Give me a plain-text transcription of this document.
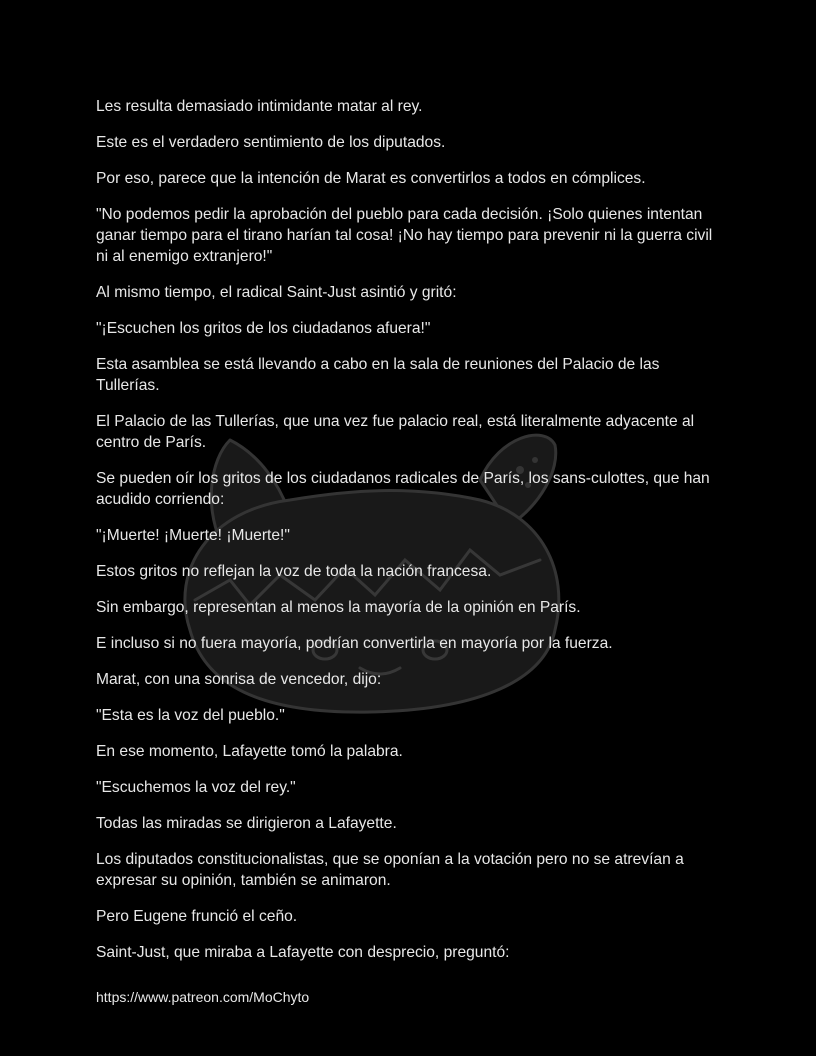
Les resulta demasiado intimidante matar al rey.

Este es el verdadero sentimiento de los diputados.

Por eso, parece que la intención de Marat es convertirlos a todos en cómplices.

"No podemos pedir la aprobación del pueblo para cada decisión. ¡Solo quienes intentan ganar tiempo para el tirano harían tal cosa! ¡No hay tiempo para prevenir ni la guerra civil ni al enemigo extranjero!"

Al mismo tiempo, el radical Saint-Just asintió y gritó:

"¡Escuchen los gritos de los ciudadanos afuera!"

Esta asamblea se está llevando a cabo en la sala de reuniones del Palacio de las Tullerías.

El Palacio de las Tullerías, que una vez fue palacio real, está literalmente adyacente al centro de París.

Se pueden oír los gritos de los ciudadanos radicales de París, los sans-culottes, que han acudido corriendo:

"¡Muerte! ¡Muerte! ¡Muerte!"

Estos gritos no reflejan la voz de toda la nación francesa.

Sin embargo, representan al menos la mayoría de la opinión en París.

E incluso si no fuera mayoría, podrían convertirla en mayoría por la fuerza.

Marat, con una sonrisa de vencedor, dijo:

"Esta es la voz del pueblo."

En ese momento, Lafayette tomó la palabra.

"Escuchemos la voz del rey."

Todas las miradas se dirigieron a Lafayette.

Los diputados constitucionalistas, que se oponían a la votación pero no se atrevían a expresar su opinión, también se animaron.

Pero Eugene frunció el ceño.

Saint-Just, que miraba a Lafayette con desprecio, preguntó:

https://www.patreon.com/MoChyto
